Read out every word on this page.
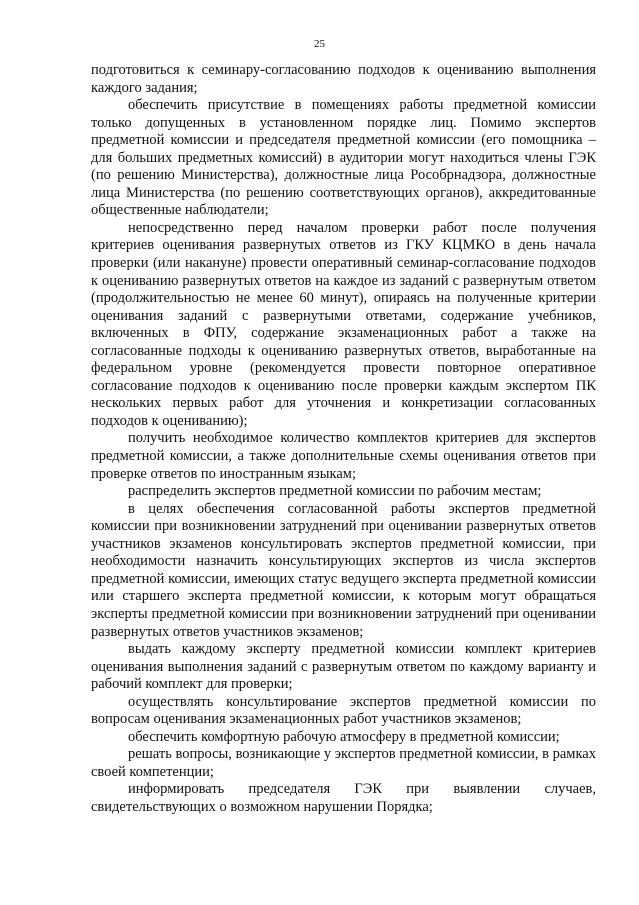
25

подготовиться к семинару-согласованию подходов к оцениванию выполнения каждого задания;

обеспечить присутствие в помещениях работы предметной комиссии только допущенных в установленном порядке лиц. Помимо экспертов предметной комиссии и председателя предметной комиссии (его помощника – для больших предметных комиссий) в аудитории могут находиться члены ГЭК (по решению Министерства), должностные лица Рособрнадзора, должностные лица Министерства (по решению соответствующих органов), аккредитованные общественные наблюдатели;

непосредственно перед началом проверки работ после получения критериев оценивания развернутых ответов из ГКУ КЦМКО в день начала проверки (или накануне) провести оперативный семинар-согласование подходов к оцениванию развернутых ответов на каждое из заданий с развернутым ответом (продолжительностью не менее 60 минут), опираясь на полученные критерии оценивания заданий с развернутыми ответами, содержание учебников, включенных в ФПУ, содержание экзаменационных работ а также на согласованные подходы к оцениванию развернутых ответов, выработанные на федеральном уровне (рекомендуется провести повторное оперативное согласование подходов к оцениванию после проверки каждым экспертом ПК нескольких первых работ для уточнения и конкретизации согласованных подходов к оцениванию);

получить необходимое количество комплектов критериев для экспертов предметной комиссии, а также дополнительные схемы оценивания ответов при проверке ответов по иностранным языкам;

распределить экспертов предметной комиссии по рабочим местам;

в целях обеспечения согласованной работы экспертов предметной комиссии при возникновении затруднений при оценивании развернутых ответов участников экзаменов консультировать экспертов предметной комиссии, при необходимости назначить консультирующих экспертов из числа экспертов предметной комиссии, имеющих статус ведущего эксперта предметной комиссии или старшего эксперта предметной комиссии, к которым могут обращаться эксперты предметной комиссии при возникновении затруднений при оценивании развернутых ответов участников экзаменов;

выдать каждому эксперту предметной комиссии комплект критериев оценивания выполнения заданий с развернутым ответом по каждому варианту и рабочий комплект для проверки;

осуществлять консультирование экспертов предметной комиссии по вопросам оценивания экзаменационных работ участников экзаменов;

обеспечить комфортную рабочую атмосферу в предметной комиссии;

решать вопросы, возникающие у экспертов предметной комиссии, в рамках своей компетенции;

информировать председателя ГЭК при выявлении случаев, свидетельствующих о возможном нарушении Порядка;
